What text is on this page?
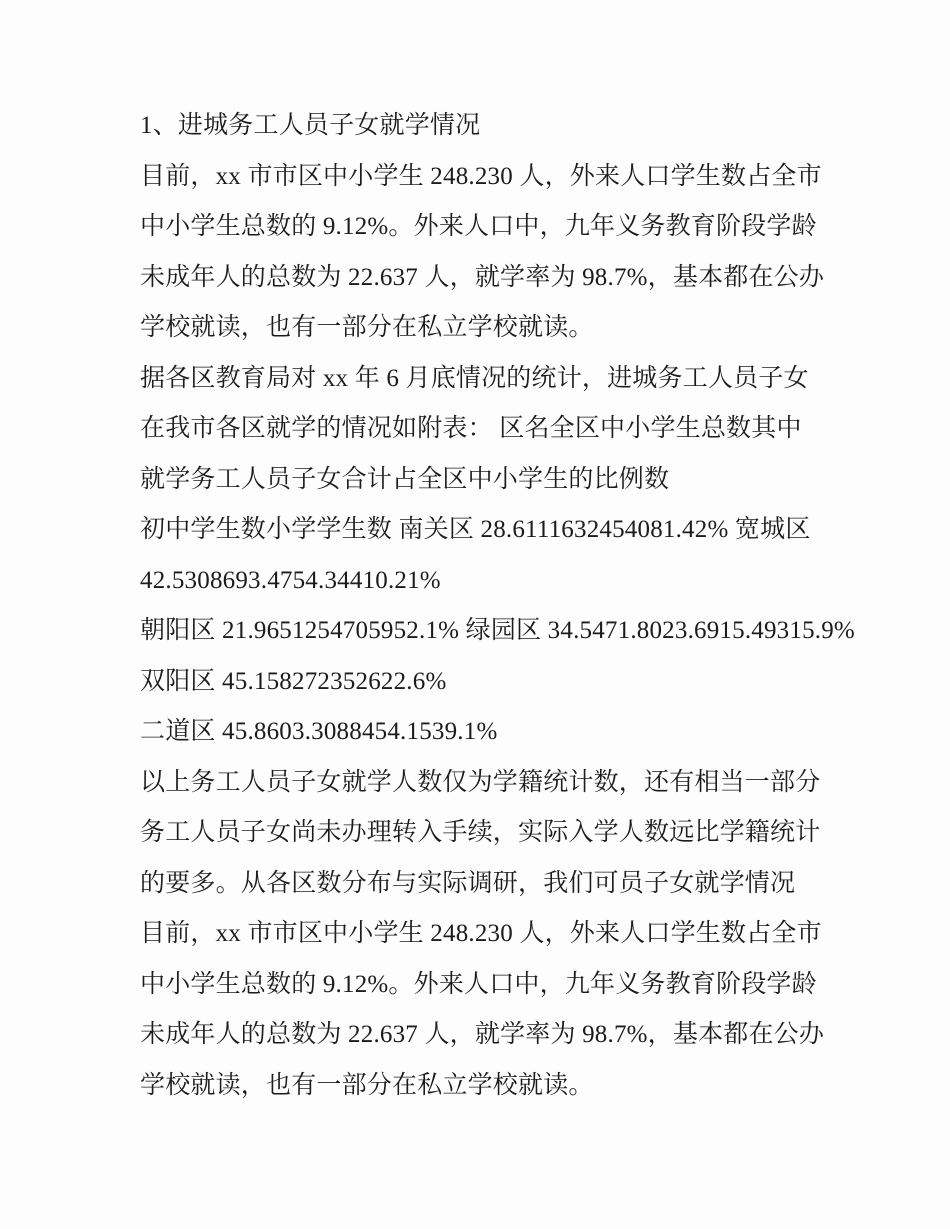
1、进城务工人员子女就学情况

目前，xx 市市区中小学生 248.230 人，外来人口学生数占全市

中小学生总数的 9.12%。外来人口中，九年义务教育阶段学龄

未成年人的总数为 22.637 人，就学率为 98.7%，基本都在公办

学校就读，也有一部分在私立学校就读。

据各区教育局对 xx 年 6 月底情况的统计，进城务工人员子女

在我市各区就学的情况如附表： 区名全区中小学生总数其中

就学务工人员子女合计占全区中小学生的比例数

初中学生数小学学生数 南关区 28.6111632454081.42% 宽城区

42.5308693.4754.34410.21%

朝阳区 21.9651254705952.1% 绿园区 34.5471.8023.6915.49315.9%

双阳区 45.158272352622.6%

二道区 45.8603.3088454.1539.1%

以上务工人员子女就学人数仅为学籍统计数，还有相当一部分

务工人员子女尚未办理转入手续，实际入学人数远比学籍统计

的要多。从各区数分布与实际调研，我们可员子女就学情况

目前，xx 市市区中小学生 248.230 人，外来人口学生数占全市

中小学生总数的 9.12%。外来人口中，九年义务教育阶段学龄

未成年人的总数为 22.637 人，就学率为 98.7%，基本都在公办

学校就读，也有一部分在私立学校就读。
